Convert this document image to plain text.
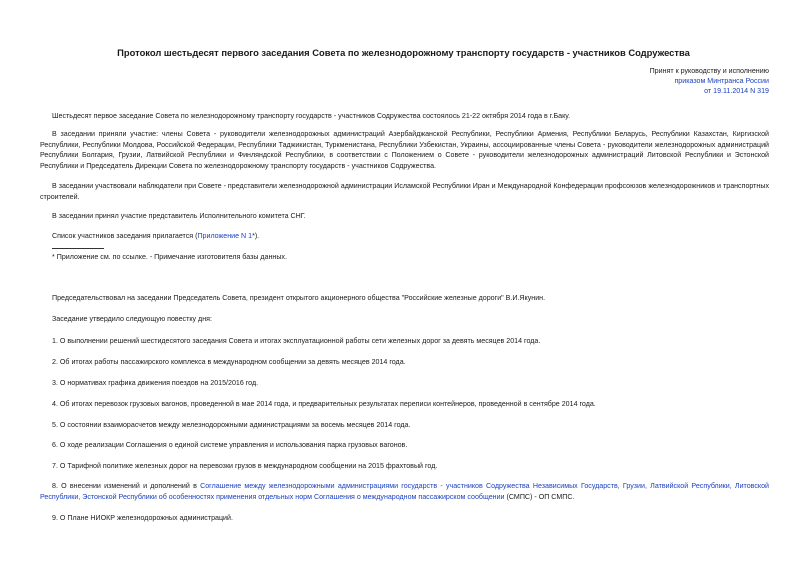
Протокол шестьдесят первого заседания Совета по железнодорожному транспорту государств - участников Содружества
Принят к руководству и исполнению
приказом Минтранса России
от 19.11.2014 N 319
Шестьдесят первое заседание Совета по железнодорожному транспорту государств - участников Содружества состоялось 21-22 октября 2014 года в г.Баку.
В заседании приняли участие: члены Совета - руководители железнодорожных администраций Азербайджанской Республики, Республики Армения, Республики Беларусь, Республики Казахстан, Киргизской Республики, Республики Молдова, Российской Федерации, Республики Таджикистан, Туркменистана, Республики Узбекистан, Украины, ассоциированные члены Совета - руководители железнодорожных администраций Республики Болгария, Грузии, Латвийской Республики и Финляндской Республики, в соответствии с Положением о Совете - руководители железнодорожных администраций Литовской Республики и Эстонской Республики и Председатель Дирекции Совета по железнодорожному транспорту государств - участников Содружества.
В заседании участвовали наблюдатели при Совете - представители железнодорожной администрации Исламской Республики Иран и Международной Конфедерации профсоюзов железнодорожников и транспортных строителей.
В заседании принял участие представитель Исполнительного комитета СНГ.
Список участников заседания прилагается (Приложение N 1*).
* Приложение см. по ссылке. - Примечание изготовителя базы данных.
Председательствовал на заседании Председатель Совета, президент открытого акционерного общества "Российские железные дороги" В.И.Якунин.
Заседание утвердило следующую повестку дня:
1. О выполнении решений шестидесятого заседания Совета и итогах эксплуатационной работы сети железных дорог за девять месяцев 2014 года.
2. Об итогах работы пассажирского комплекса в международном сообщении за девять месяцев 2014 года.
3. О нормативах графика движения поездов на 2015/2016 год.
4. Об итогах перевозок грузовых вагонов, проведенной в мае 2014 года, и предварительных результатах переписи контейнеров, проведенной в сентябре 2014 года.
5. О состоянии взаиморасчетов между железнодорожными администрациями за восемь месяцев 2014 года.
6. О ходе реализации Соглашения о единой системе управления и использования парка грузовых вагонов.
7. О Тарифной политике железных дорог на перевозки грузов в международном сообщении на 2015 фрахтовый год.
8. О внесении изменений и дополнений в Соглашение между железнодорожными администрациями государств - участников Содружества Независимых Государств, Грузии, Латвийской Республики, Литовской Республики, Эстонской Республики об особенностях применения отдельных норм Соглашения о международном пассажирском сообщении (СМПС) - ОП СМПС.
9. О Плане НИОКР железнодорожных администраций.
